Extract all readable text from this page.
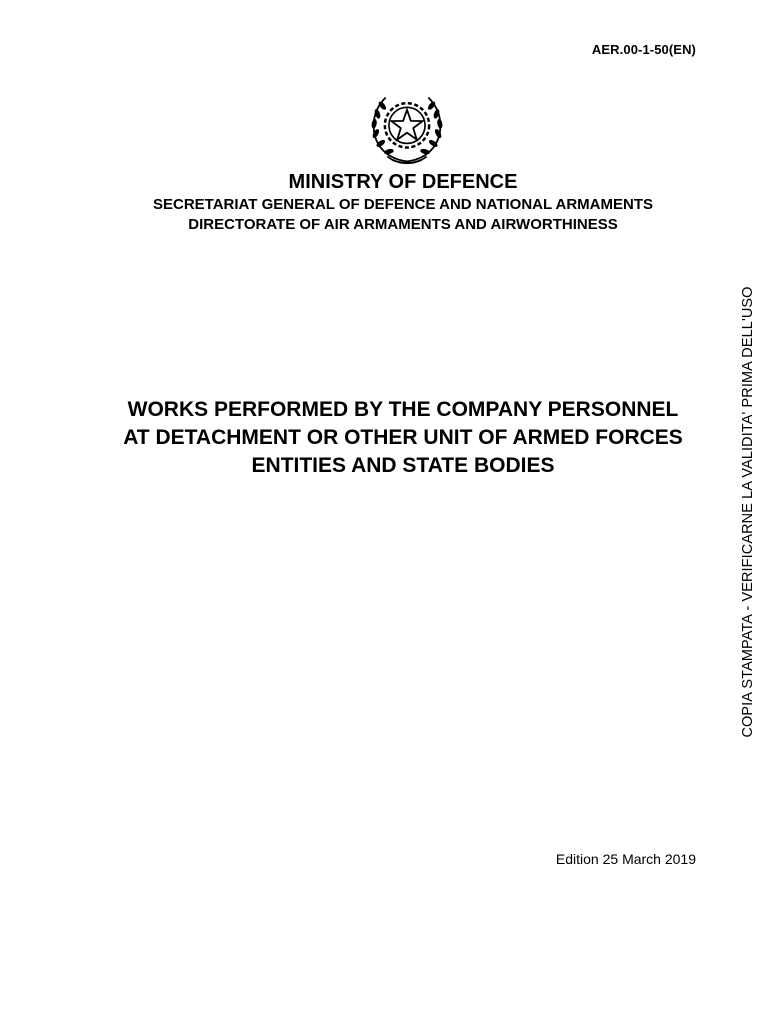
AER.00-1-50(EN)

MINISTRY OF DEFENCE

SECRETARIAT GENERAL OF DEFENCE AND NATIONAL ARMAMENTS

DIRECTORATE OF AIR ARMAMENTS AND AIRWORTHINESS

WORKS PERFORMED BY THE COMPANY PERSONNEL AT DETACHMENT OR OTHER UNIT OF ARMED FORCES ENTITIES AND STATE BODIES	COPIA STAMPATA - VERIFICARNE LA VALIDITA' PRIMA DELL'USO
Edition 25 March 2019
